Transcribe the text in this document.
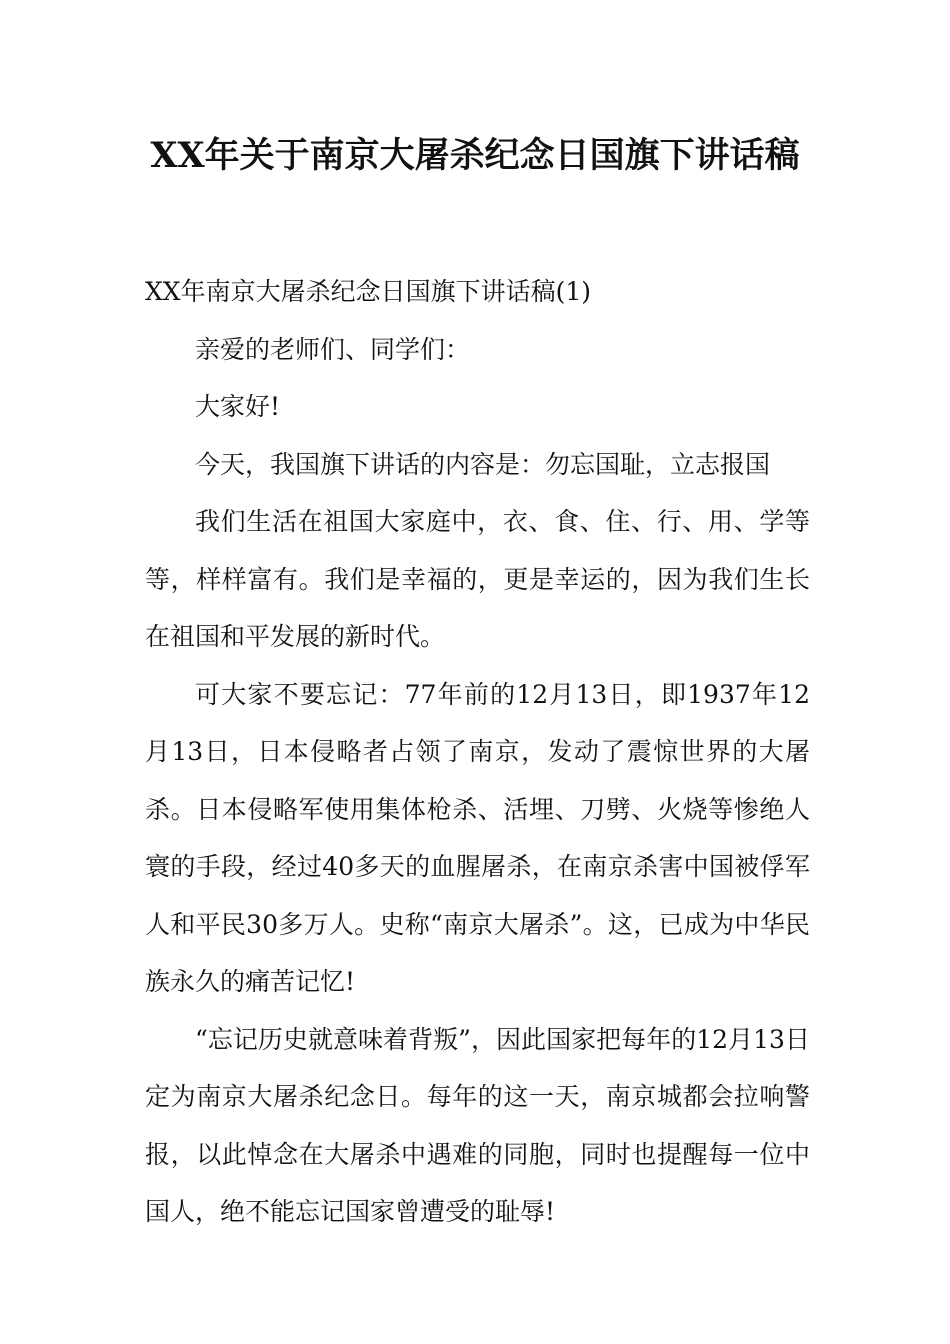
XX年关于南京大屠杀纪念日国旗下讲话稿

XX年南京大屠杀纪念日国旗下讲话稿(1)

亲爱的老师们、同学们：

大家好!

今天，我国旗下讲话的内容是：勿忘国耻，立志报国

我们生活在祖国大家庭中，衣、食、住、行、用、学等等，样样富有。我们是幸福的，更是幸运的，因为我们生长在祖国和平发展的新时代。

可大家不要忘记：77年前的12月13日，即1937年12月13日，日本侵略者占领了南京，发动了震惊世界的大屠杀。日本侵略军使用集体枪杀、活埋、刀劈、火烧等惨绝人寰的手段，经过40多天的血腥屠杀，在南京杀害中国被俘军人和平民30多万人。史称“南京大屠杀”。这，已成为中华民族永久的痛苦记忆!

“忘记历史就意味着背叛”，因此国家把每年的12月13日定为南京大屠杀纪念日。每年的这一天，南京城都会拉响警报，以此悼念在大屠杀中遇难的同胞，同时也提醒每一位中国人，绝不能忘记国家曾遭受的耻辱!
